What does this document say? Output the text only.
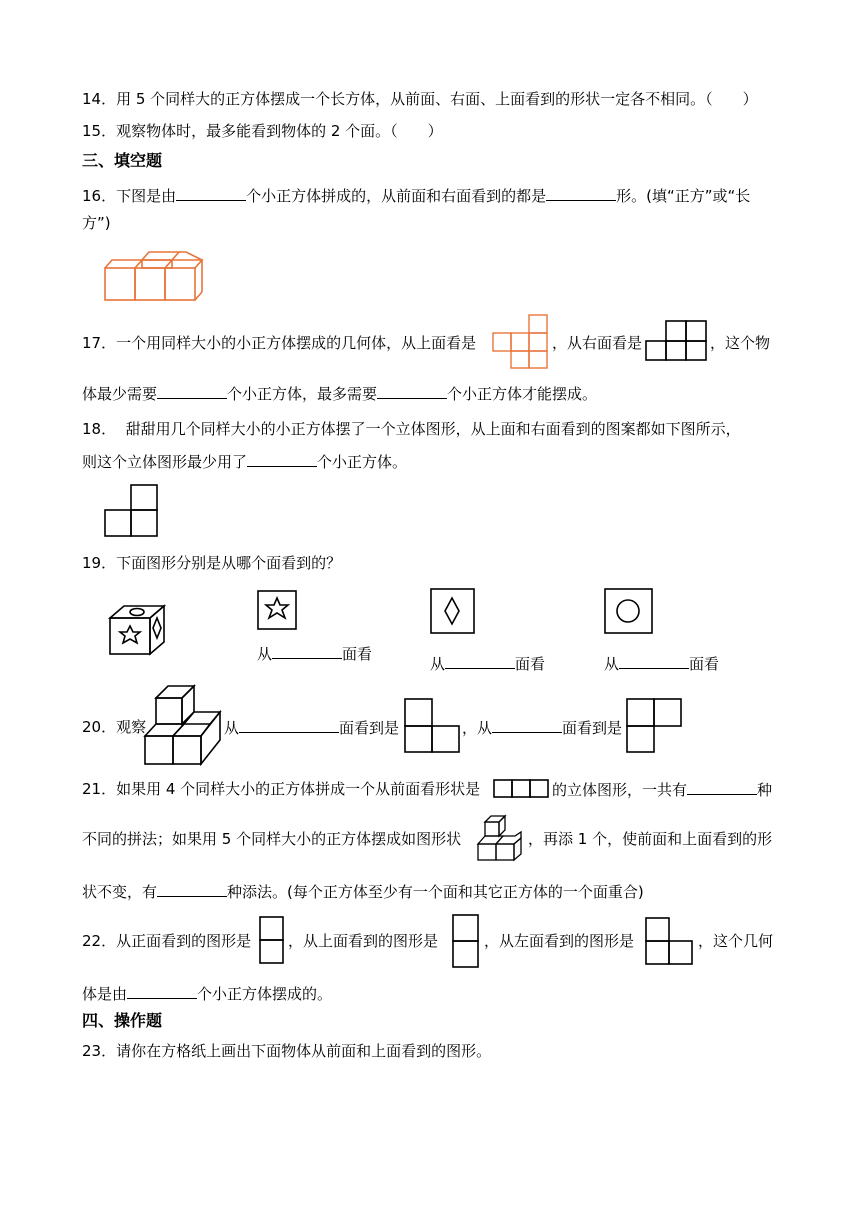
14．用 5 个同样大的正方体摆成一个长方体，从前面、右面、上面看到的形状一定各不相同。（　　）
15．观察物体时，最多能看到物体的 2 个面。（　　）
三、填空题
16．下图是由	个小正方体拼成的，从前面和右面看到的都是	形。(填“正方”或“长
方”)
17．一个用同样大小的小正方体摆成的几何体，从上面看是	，从右面看是	，这个物
体最少需要	个小正方体，最多需要	个小正方体才能摆成。
18． 甜甜用几个同样大小的小正方体摆了一个立体图形，从上面和右面看到的图案都如下图所示，
则这个立体图形最少用了	个小正方体。
19．下面图形分别是从哪个面看到的？
从	面看
从	面看	从	面看
20．观察	从	面看到是	，从	面看到是
21．如果用 4 个同样大小的正方体拼成一个从前面看形状是	的立体图形，一共有	种
不同的拼法；如果用 5 个同样大小的正方体摆成如图形状	，再添 1 个，使前面和上面看到的形
状不变，有	种添法。(每个正方体至少有一个面和其它正方体的一个面重合)
22．从正面看到的图形是 ，从上面看到的图形是	，从左面看到的图形是	，这个几何
体是由	个小正方体摆成的。
四、操作题
23．请你在方格纸上画出下面物体从前面和上面看到的图形。
